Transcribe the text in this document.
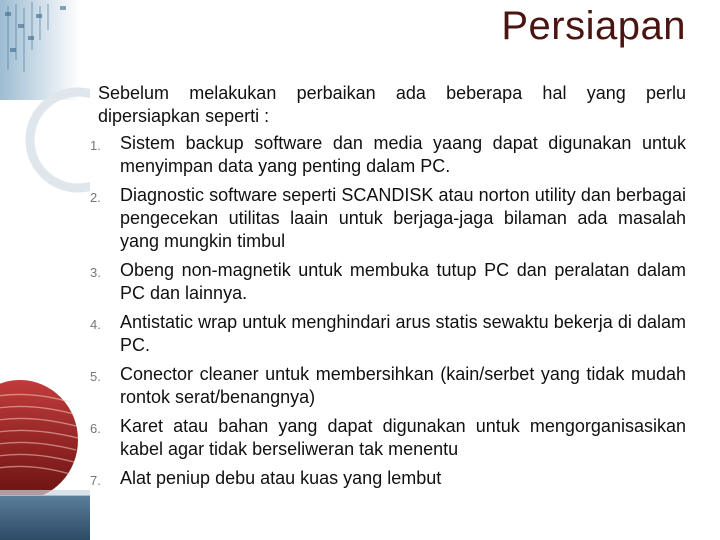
Persiapan

Sebelum melakukan perbaikan ada beberapa hal yang perlu dipersiapkan seperti :

1. Sistem backup software dan media yaang dapat digunakan untuk menyimpan data yang penting dalam PC.
2. Diagnostic software seperti SCANDISK atau norton utility dan berbagai pengecekan utilitas laain untuk berjaga-jaga bilaman ada masalah yang mungkin timbul
3. Obeng non-magnetik untuk membuka tutup PC dan peralatan dalam PC dan lainnya.
4. Antistatic wrap untuk menghindari arus statis sewaktu bekerja di dalam PC.
5. Conector cleaner untuk membersihkan (kain/serbet yang tidak mudah rontok serat/benangnya)
6. Karet atau bahan yang dapat digunakan untuk mengorganisasikan kabel agar tidak berseliweran tak menentu
7. Alat peniup debu atau kuas yang lembut
